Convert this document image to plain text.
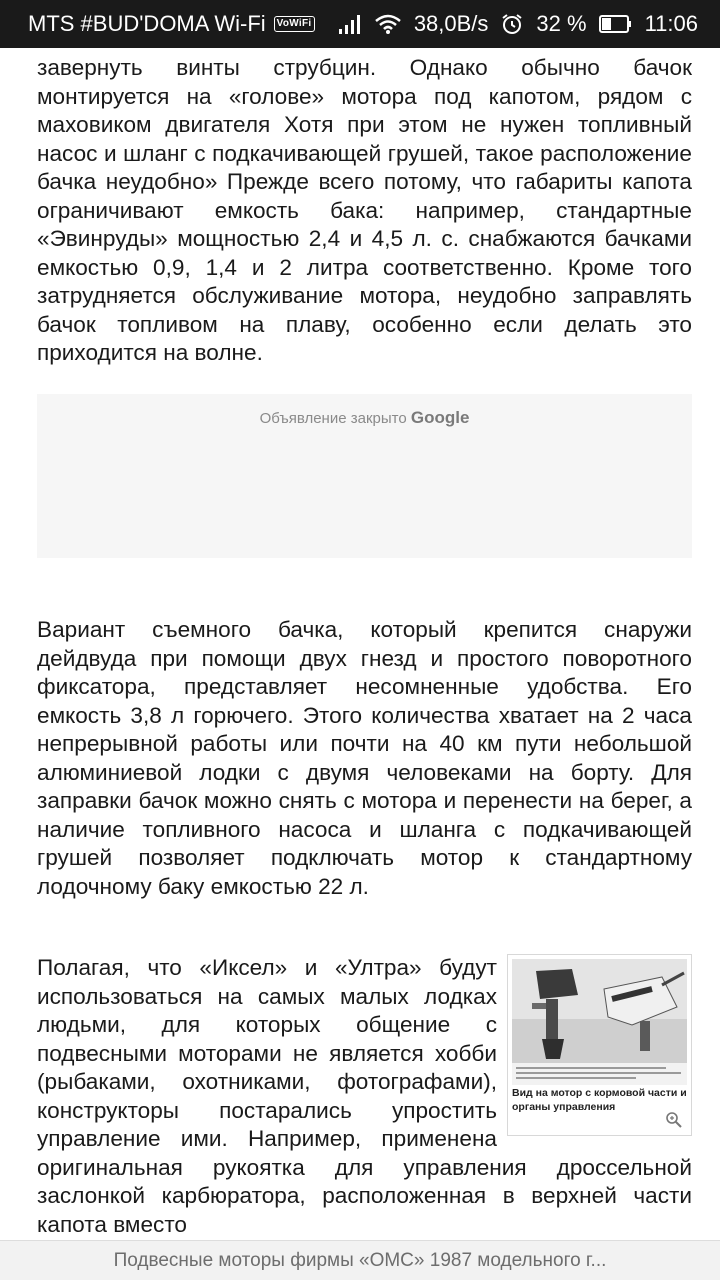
MTS #BUD'DOMA Wi-Fi	VoWiFi	38,0B/s 32 %	11:06
завернуть винты струбцин. Однако обычно бачок монтируется на «голове» мотора под капотом, рядом с маховиком двигателя Хотя при этом не нужен топливный насос и шланг с подкачивающей грушей, такое расположение бачка неудобно» Прежде всего потому, что габариты капота ограничивают емкость бака: например, стандартные «Эвинруды» мощностью 2,4 и 4,5 л. с. снабжаются бачками емкостью 0,9, 1,4 и 2 литра соответственно. Кроме того затрудняется обслуживание мотора, неудобно заправлять бачок топливом на плаву, особенно если делать это приходится на волне.
Объявление закрыто Google
Вариант съемного бачка, который крепится снаружи дейдвуда при помощи двух гнезд и простого поворотного фиксатора, представляет несомненные удобства. Его емкость 3,8 л горючего. Этого количества хватает на 2 часа непрерывной работы или почти на 40 км пути небольшой алюминиевой лодки с двумя человеками на борту. Для заправки бачок можно снять с мотора и перенести на берег, а наличие топливного насоса и шланга с подкачивающей грушей позволяет подключать мотор к стандартному лодочному баку емкостью 22 л.
Вид на мотор с кормовой части и органы управления
Полагая, что «Иксел» и «Ултра» будут использоваться на самых малых лодках людьми, для которых общение с подвесными моторами не является хобби (рыбаками, охотниками, фотографами), конструкторы постарались упростить управление ими. Например, применена оригинальная рукоятка для управления дроссельной заслонкой карбюратора, расположенная в верхней части капота вместо
Подвесные моторы фирмы «ОМС» 1987 модельного г...
